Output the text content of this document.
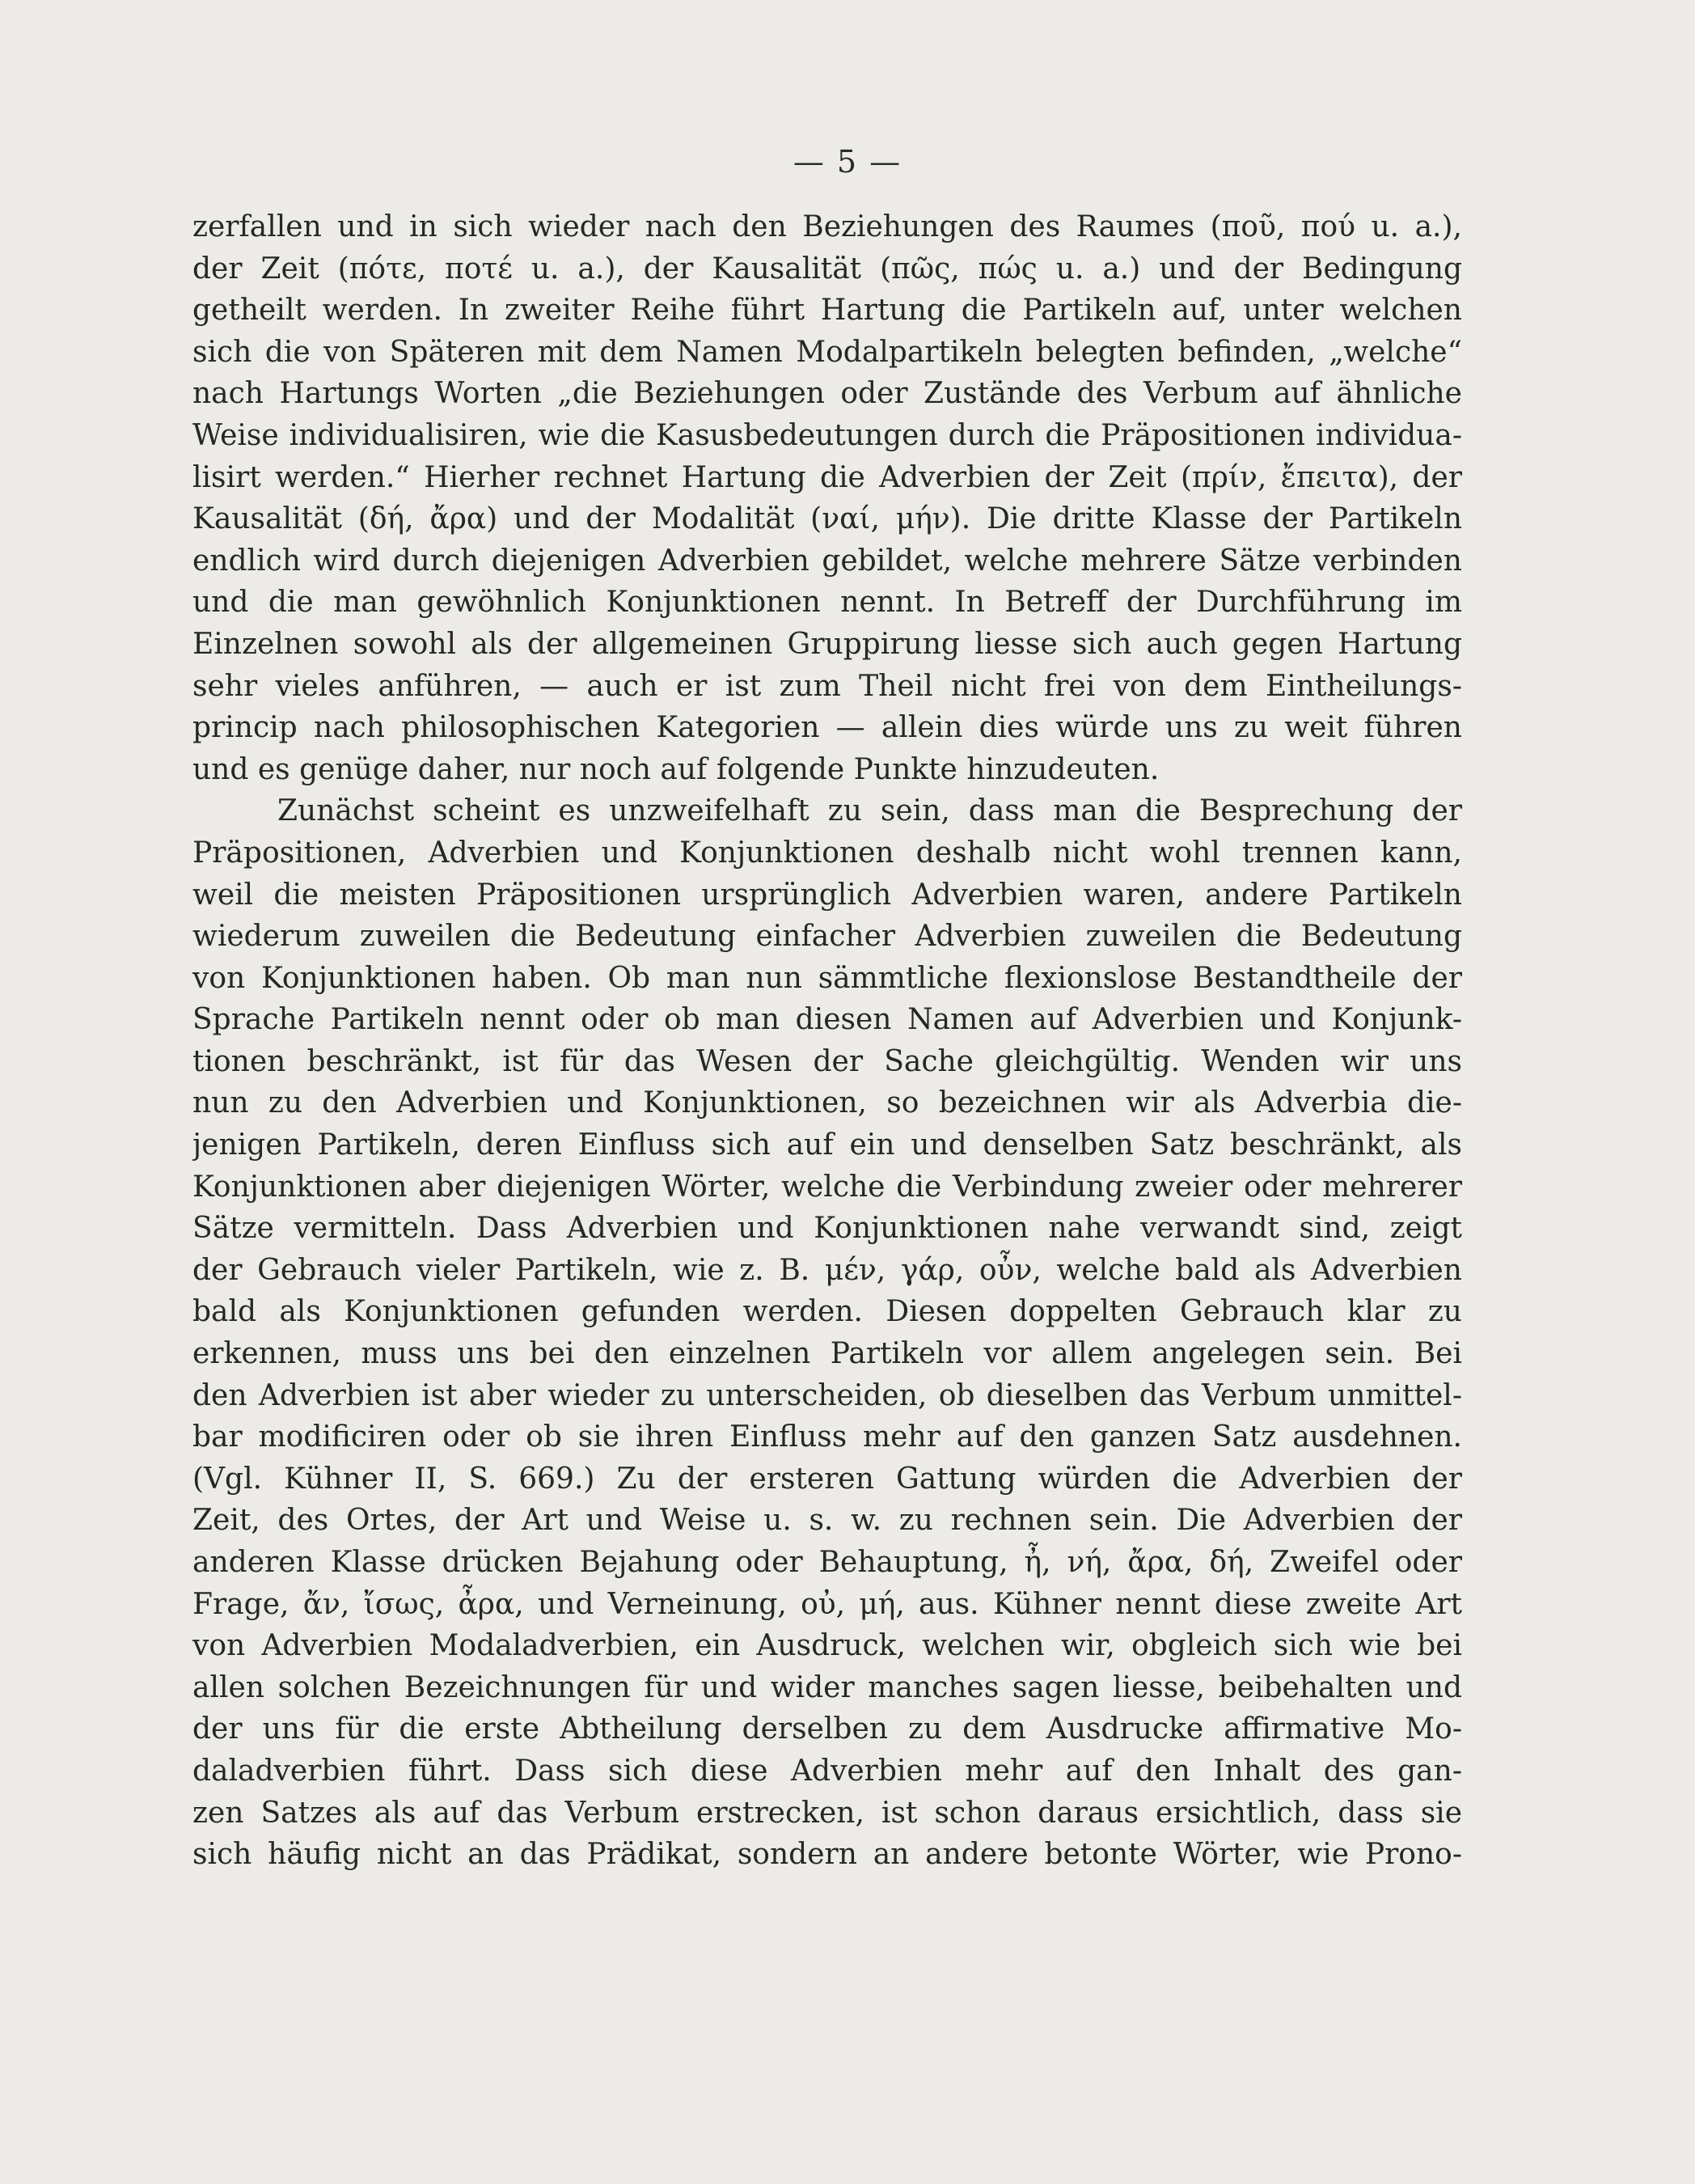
— 5 —
zerfallen und in sich wieder nach den Beziehungen des Raumes (ποῦ, πού u. a.),
der Zeit (πότε, ποτέ u. a.), der Kausalität (πῶς, πώς u. a.) und der Bedingung
getheilt werden. In zweiter Reihe führt Hartung die Partikeln auf, unter welchen
sich die von Späteren mit dem Namen Modalpartikeln belegten befinden, „welche“
nach Hartungs Worten „die Beziehungen oder Zustände des Verbum auf ähnliche
Weise individualisiren, wie die Kasusbedeutungen durch die Präpositionen individua-
lisirt werden.“ Hierher rechnet Hartung die Adverbien der Zeit (πρίν, ἔπειτα), der
Kausalität (δή, ἄρα) und der Modalität (ναί, μήν). Die dritte Klasse der Partikeln
endlich wird durch diejenigen Adverbien gebildet, welche mehrere Sätze verbinden
und die man gewöhnlich Konjunktionen nennt. In Betreff der Durchführung im
Einzelnen sowohl als der allgemeinen Gruppirung liesse sich auch gegen Hartung
sehr vieles anführen, — auch er ist zum Theil nicht frei von dem Eintheilungs-
princip nach philosophischen Kategorien — allein dies würde uns zu weit führen
und es genüge daher, nur noch auf folgende Punkte hinzudeuten.
Zunächst scheint es unzweifelhaft zu sein, dass man die Besprechung der
Präpositionen, Adverbien und Konjunktionen deshalb nicht wohl trennen kann,
weil die meisten Präpositionen ursprünglich Adverbien waren, andere Partikeln
wiederum zuweilen die Bedeutung einfacher Adverbien zuweilen die Bedeutung
von Konjunktionen haben. Ob man nun sämmtliche flexionslose Bestandtheile der
Sprache Partikeln nennt oder ob man diesen Namen auf Adverbien und Konjunk-
tionen beschränkt, ist für das Wesen der Sache gleichgültig. Wenden wir uns
nun zu den Adverbien und Konjunktionen, so bezeichnen wir als Adverbia die-
jenigen Partikeln, deren Einfluss sich auf ein und denselben Satz beschränkt, als
Konjunktionen aber diejenigen Wörter, welche die Verbindung zweier oder mehrerer
Sätze vermitteln. Dass Adverbien und Konjunktionen nahe verwandt sind, zeigt
der Gebrauch vieler Partikeln, wie z. B. μέν, γάρ, οὖν, welche bald als Adverbien
bald als Konjunktionen gefunden werden. Diesen doppelten Gebrauch klar zu
erkennen, muss uns bei den einzelnen Partikeln vor allem angelegen sein. Bei
den Adverbien ist aber wieder zu unterscheiden, ob dieselben das Verbum unmittel-
bar modificiren oder ob sie ihren Einfluss mehr auf den ganzen Satz ausdehnen.
(Vgl. Kühner II, S. 669.) Zu der ersteren Gattung würden die Adverbien der
Zeit, des Ortes, der Art und Weise u. s. w. zu rechnen sein. Die Adverbien der
anderen Klasse drücken Bejahung oder Behauptung, ἦ, νή, ἄρα, δή, Zweifel oder
Frage, ἄν, ἴσως, ἆρα, und Verneinung, οὐ, μή, aus. Kühner nennt diese zweite Art
von Adverbien Modaladverbien, ein Ausdruck, welchen wir, obgleich sich wie bei
allen solchen Bezeichnungen für und wider manches sagen liesse, beibehalten und
der uns für die erste Abtheilung derselben zu dem Ausdrucke affirmative Mo-
daladverbien führt. Dass sich diese Adverbien mehr auf den Inhalt des gan-
zen Satzes als auf das Verbum erstrecken, ist schon daraus ersichtlich, dass sie
sich häufig nicht an das Prädikat, sondern an andere betonte Wörter, wie Prono-
